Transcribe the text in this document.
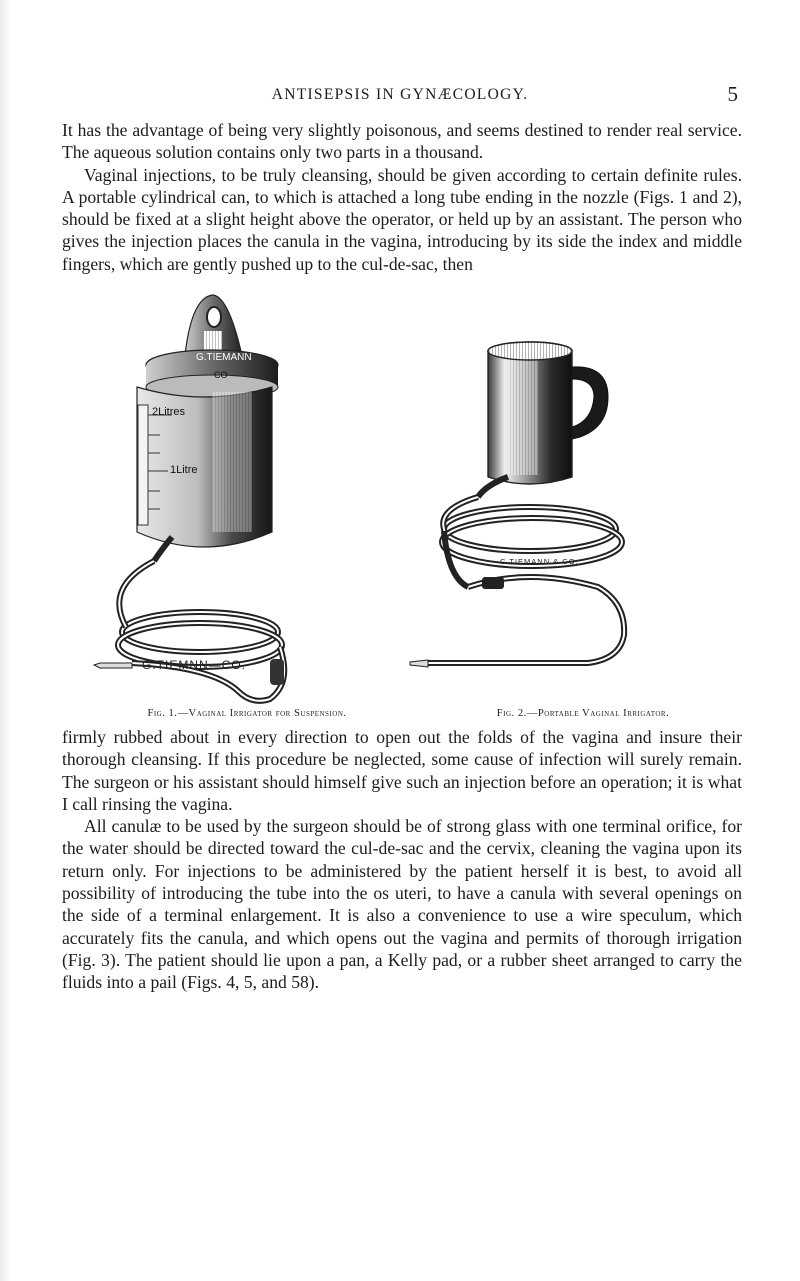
ANTISEPSIS IN GYNÆCOLOGY.	5

It has the advantage of being very slightly poisonous, and seems destined to render real service. The aqueous solution contains only two parts in a thousand.

Vaginal injections, to be truly cleansing, should be given according to certain definite rules. A portable cylindrical can, to which is attached a long tube ending in the nozzle (Figs. 1 and 2), should be fixed at a slight height above the operator, or held up by an assistant. The person who gives the injection places the canula in the vagina, introducing by its side the index and middle fingers, which are gently pushed up to the cul-de-sac, then

G.TIEMANN
CO
2Litres
1Litre
G.TIEMNN—CO.
Fig. 1.—Vaginal Irrigator for Suspension.
C TIEMANN & CO.
Fig. 2.—Portable Vaginal Irrigator.

firmly rubbed about in every direction to open out the folds of the vagina and insure their thorough cleansing. If this procedure be neglected, some cause of infection will surely remain. The surgeon or his assistant should himself give such an injection before an operation; it is what I call rinsing the vagina.

All canulæ to be used by the surgeon should be of strong glass with one terminal orifice, for the water should be directed toward the cul-de-sac and the cervix, cleaning the vagina upon its return only. For injections to be administered by the patient herself it is best, to avoid all possibility of introducing the tube into the os uteri, to have a canula with several openings on the side of a terminal enlargement. It is also a convenience to use a wire speculum, which accurately fits the canula, and which opens out the vagina and permits of thorough irrigation (Fig. 3). The patient should lie upon a pan, a Kelly pad, or a rubber sheet arranged to carry the fluids into a pail (Figs. 4, 5, and 58).
